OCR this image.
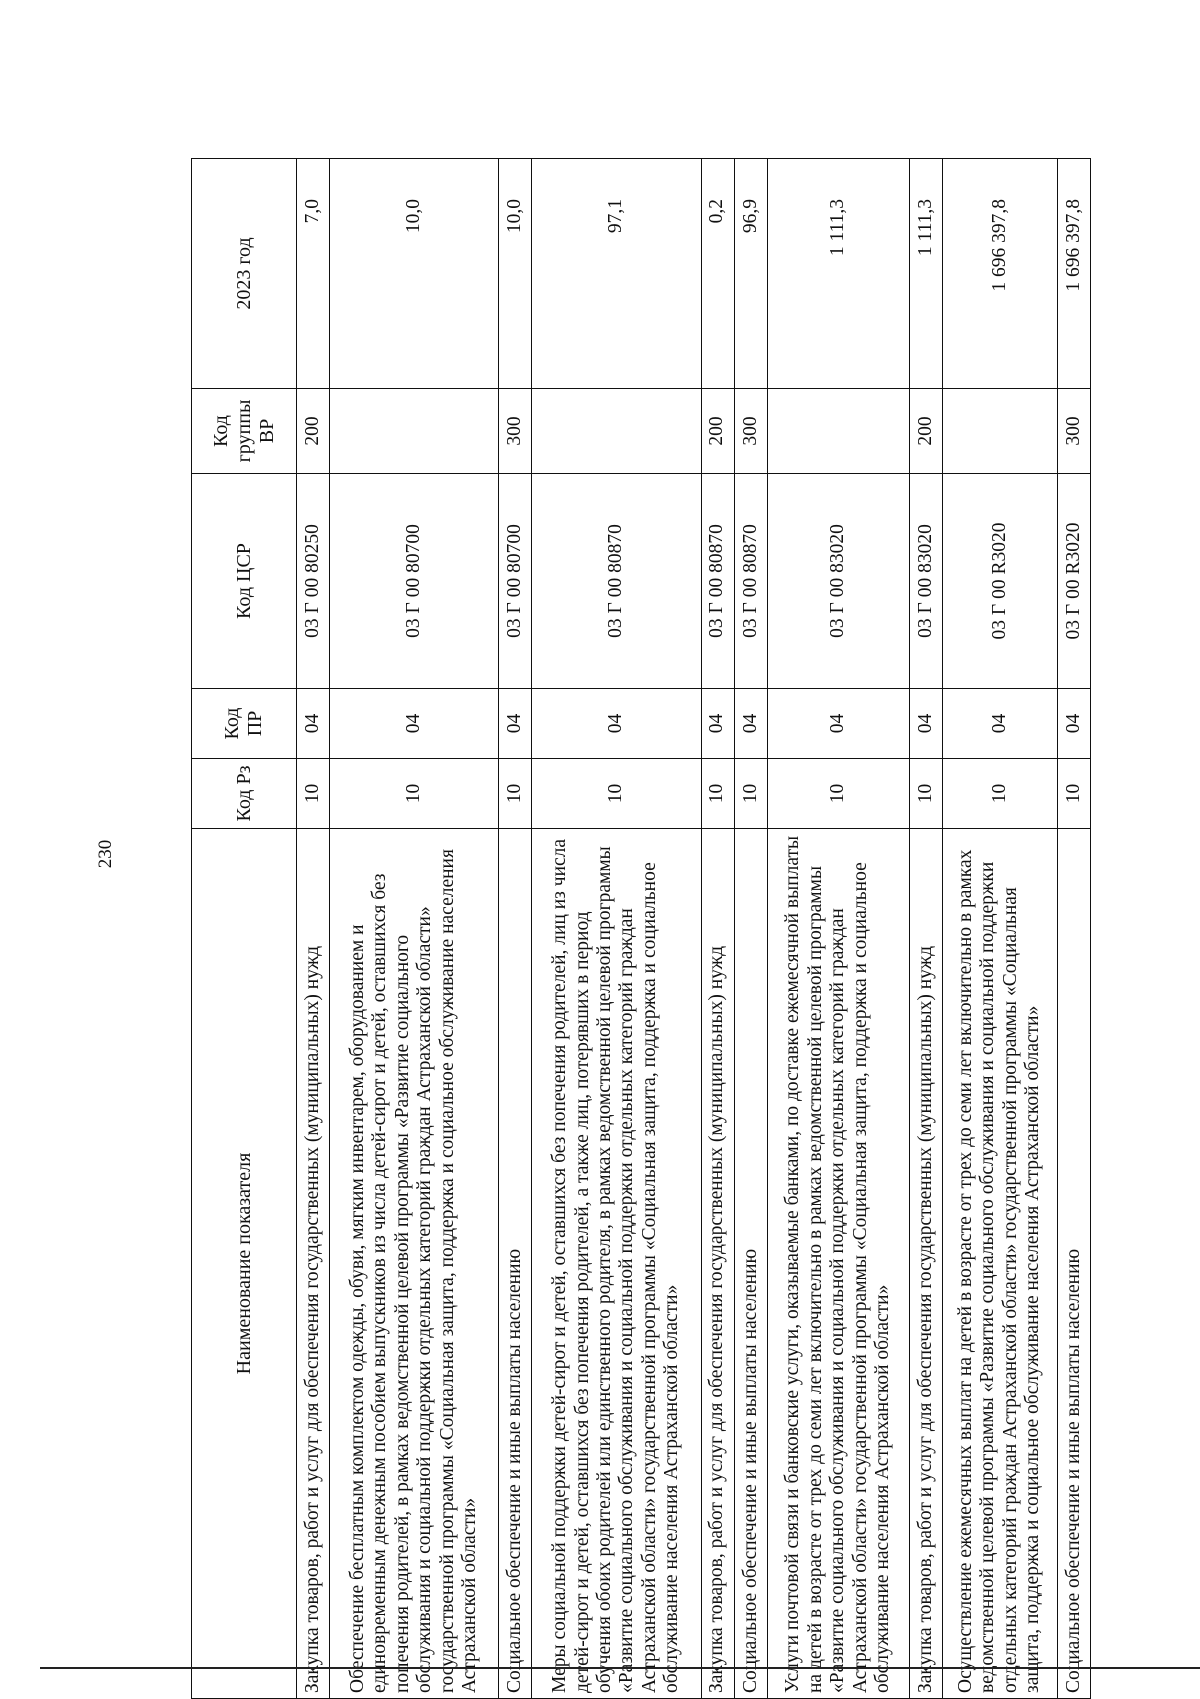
230
Наименование показателя	Код Рз	Код ПР	Код ЦСР	Код группы ВР	2023 год
Закупка товаров, работ и услуг для обеспечения государственных (муниципальных) нужд	10	04	03 Г 00 80250	200	7,0
Обеспечение бесплатным комплектом одежды, обуви, мягким инвентарем, оборудованием и единовременным денежным пособием выпускников из числа детей-сирот и детей, оставшихся без попечения родителей, в рамках ведомственной целевой программы «Развитие социального обслуживания и социальной поддержки отдельных категорий граждан Астраханской области» государственной программы «Социальная защита, поддержка и социальное обслуживание населения Астраханской области»	10	04	03 Г 00 80700		10,0
Социальное обеспечение и иные выплаты населению	10	04	03 Г 00 80700	300	10,0
Меры социальной поддержки детей-сирот и детей, оставшихся без попечения родителей, лиц из числа детей-сирот и детей, оставшихся без попечения родителей, а также лиц, потерявших в период обучения обоих родителей или единственного родителя, в рамках ведомственной целевой программы «Развитие социального обслуживания и социальной поддержки отдельных категорий граждан Астраханской области» государственной программы «Социальная защита, поддержка и социальное обслуживание населения Астраханской области»	10	04	03 Г 00 80870		97,1
Закупка товаров, работ и услуг для обеспечения государственных (муниципальных) нужд	10	04	03 Г 00 80870	200	0,2
Социальное обеспечение и иные выплаты населению	10	04	03 Г 00 80870	300	96,9
Услуги почтовой связи и банковские услуги, оказываемые банками, по доставке ежемесячной выплаты на детей в возрасте от трех до семи лет включительно в рамках ведомственной целевой программы «Развитие социального обслуживания и социальной поддержки отдельных категорий граждан Астраханской области» государственной программы «Социальная защита, поддержка и социальное обслуживание населения Астраханской области»	10	04	03 Г 00 83020		1 111,3
Закупка товаров, работ и услуг для обеспечения государственных (муниципальных) нужд	10	04	03 Г 00 83020	200	1 111,3
Осуществление ежемесячных выплат на детей в возрасте от трех до семи лет включительно в рамках ведомственной целевой программы «Развитие социального обслуживания и социальной поддержки отдельных категорий граждан Астраханской области» государственной программы «Социальная защита, поддержка и социальное обслуживание населения Астраханской области»	10	04	03 Г 00 R3020		1 696 397,8
Социальное обеспечение и иные выплаты населению	10	04	03 Г 00 R3020	300	1 696 397,8
